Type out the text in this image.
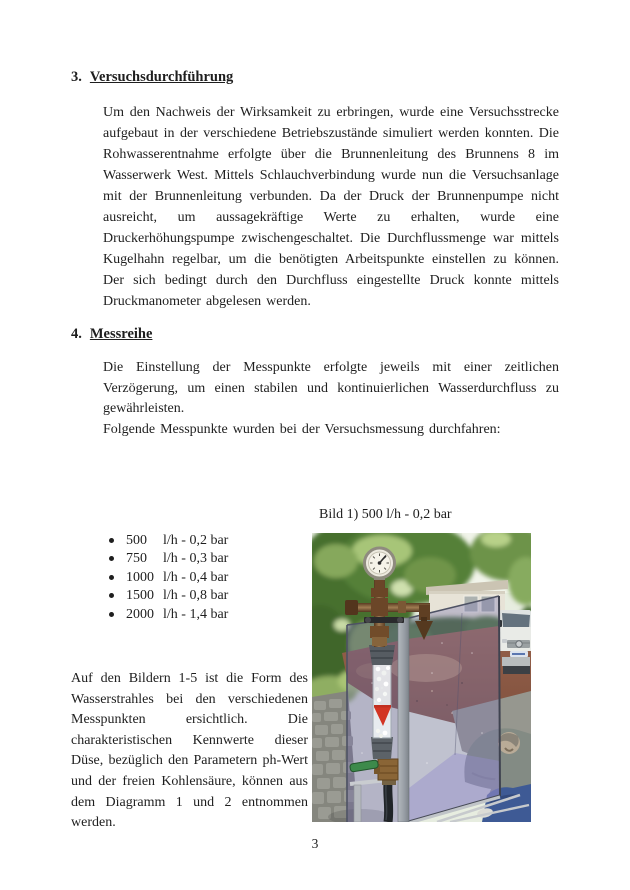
3. Versuchsdurchführung

Um den Nachweis der Wirksamkeit zu erbringen, wurde eine Versuchsstrecke aufgebaut in der verschiedene Betriebszustände simuliert werden konnten. Die Rohwasserentnahme erfolgte über die Brunnenleitung des Brunnens 8 im Wasserwerk West. Mittels Schlauchverbindung wurde nun die Versuchsanlage mit der Brunnenleitung verbunden. Da der Druck der Brunnenpumpe nicht ausreicht, um aussagekräftige Werte zu erhalten, wurde eine Druckerhöhungspumpe zwischengeschaltet. Die Durchflussmenge war mittels Kugelhahn regelbar, um die benötigten Arbeitspunkte einstellen zu können. Der sich bedingt durch den Durchfluss eingestellte Druck konnte mittels Druckmanometer abgelesen werden.

4. Messreihe

Die Einstellung der Messpunkte erfolgte jeweils mit einer zeitlichen Verzögerung, um einen stabilen und kontinuierlichen Wasserdurchfluss zu gewährleisten.

Folgende Messpunkte wurden bei der Versuchsmessung durchfahren:

500	l/h - 0,2 bar
750	l/h - 0,3 bar
1000 l/h - 0,4 bar
1500 l/h - 0,8 bar
2000 l/h - 1,4 bar
Bild 1) 500 l/h - 0,2 bar

Auf den Bildern 1-5 ist die Form des Wasserstrahles bei den verschiedenen Messpunkten ersichtlich. Die charakteristischen Kennwerte dieser Düse, bezüglich den Parametern ph-Wert und der freien Kohlensäure, können aus dem Diagramm 1 und 2 entnommen werden.

3
